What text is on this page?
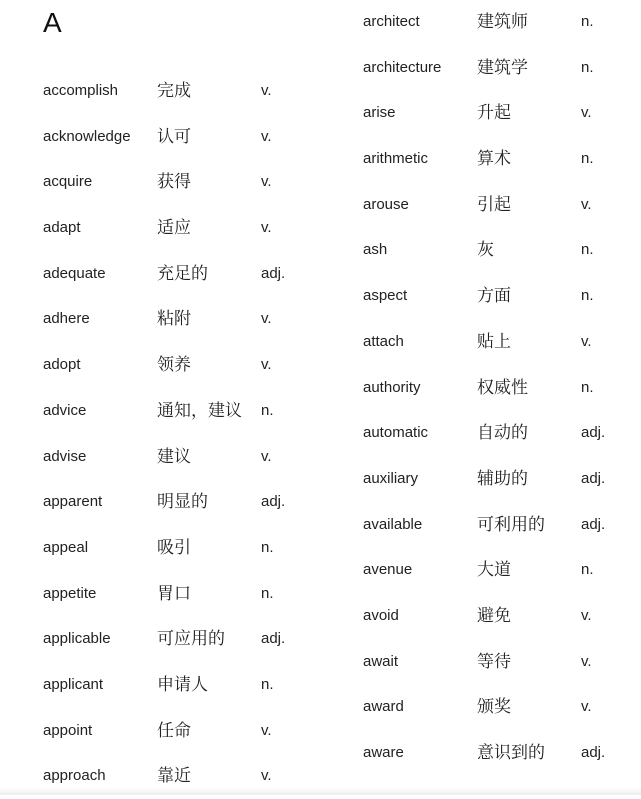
A
accomplish 完成	v.
acknowledge 认可	v.
acquire	获得	v.
adapt	适应	v.
adequate	充足的	adj.
adhere	粘附	v.
adopt	领养	v.
advice	通知，建议 n.
advise	建议	v.
apparent	明显的	adj.
appeal	吸引	n.
appetite	胃口	n.
applicable	可应用的 adj.
applicant	申请人	n.
appoint	任命	v.
approach	靠近	v.
architect	建筑师	n.
architecture 建筑学	n.
arise	升起	v.
arithmetic	算术	n.
arouse	引起	v.
ash	灰	n.
aspect	方面	n.
attach	贴上	v.
authority	权威性	n.
automatic	自动的	adj.
auxiliary	辅助的	adj.
available	可利用的 adj.
avenue	大道	n.
avoid	避免	v.
await	等待	v.
award	颁奖	v.
aware	意识到的 adj.
